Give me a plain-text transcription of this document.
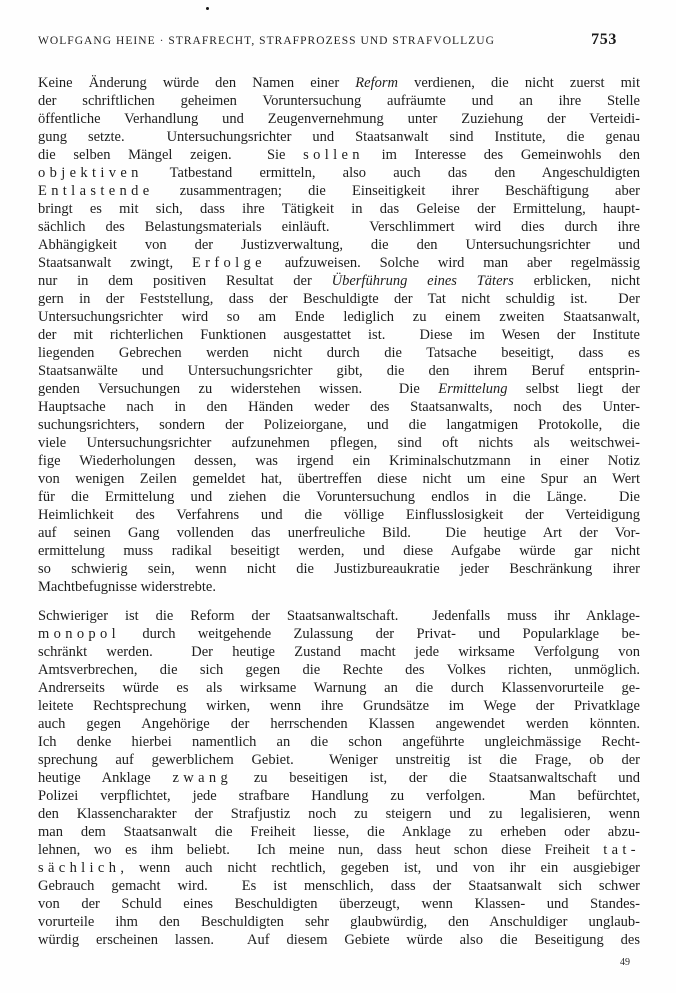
WOLFGANG HEINE · STRAFRECHT, STRAFPROZESS UND STRAFVOLLZUG	753
Keine Änderung würde den Namen einer Reform verdienen, die nicht zuerst mit
der schriftlichen geheimen Voruntersuchung aufräumte und an ihre Stelle
öffentliche Verhandlung und Zeugenvernehmung unter Zuziehung der Verteidi-
gung setzte.  Untersuchungsrichter und Staatsanwalt sind Institute, die genau
die selben Mängel zeigen.  Sie sollen im Interesse des Gemeinwohls den
objektiven Tatbestand ermitteln, also auch das den Angeschuldigten
Entlastende zusammentragen; die Einseitigkeit ihrer Beschäftigung aber
bringt es mit sich, dass ihre Tätigkeit in das Geleise der Ermittelung, haupt-
sächlich des Belastungsmaterials einläuft.  Verschlimmert wird dies durch ihre
Abhängigkeit von der Justizverwaltung, die den Untersuchungsrichter und
Staatsanwalt zwingt, Erfolge aufzuweisen. Solche wird man aber regelmässig
nur in dem positiven Resultat der Überführung eines Täters erblicken, nicht
gern in der Feststellung, dass der Beschuldigte der Tat nicht schuldig ist.  Der
Untersuchungsrichter wird so am Ende lediglich zu einem zweiten Staatsanwalt,
der mit richterlichen Funktionen ausgestattet ist.  Diese im Wesen der Institute
liegenden Gebrechen werden nicht durch die Tatsache beseitigt, dass es
Staatsanwälte und Untersuchungsrichter gibt, die den ihrem Beruf entsprin-
genden Versuchungen zu widerstehen wissen.  Die Ermittelung selbst liegt der
Hauptsache nach in den Händen weder des Staatsanwalts, noch des Unter-
suchungsrichters, sondern der Polizeiorgane, und die langatmigen Protokolle, die
viele Untersuchungsrichter aufzunehmen pflegen, sind oft nichts als weitschwei-
fige Wiederholungen dessen, was irgend ein Kriminalschutzmann in einer Notiz
von wenigen Zeilen gemeldet hat, übertreffen diese nicht um eine Spur an Wert
für die Ermittelung und ziehen die Voruntersuchung endlos in die Länge.  Die
Heimlichkeit des Verfahrens und die völlige Einflusslosigkeit der Verteidigung
auf seinen Gang vollenden das unerfreuliche Bild.  Die heutige Art der Vor-
ermittelung muss radikal beseitigt werden, und diese Aufgabe würde gar nicht
so schwierig sein, wenn nicht die Justizbureaukratie jeder Beschränkung ihrer
Machtbefugnisse widerstrebte.
Schwieriger ist die Reform der Staatsanwaltschaft.  Jedenfalls muss ihr Anklage-
monopol durch weitgehende Zulassung der Privat- und Popularklage be-
schränkt werden.  Der heutige Zustand macht jede wirksame Verfolgung von
Amtsverbrechen, die sich gegen die Rechte des Volkes richten, unmöglich.
Andrerseits würde es als wirksame Warnung an die durch Klassenvorurteile ge-
leitete Rechtsprechung wirken, wenn ihre Grundsätze im Wege der Privatklage
auch gegen Angehörige der herrschenden Klassen angewendet werden könnten.
Ich denke hierbei namentlich an die schon angeführte ungleichmässige Recht-
sprechung auf gewerblichem Gebiet.  Weniger unstreitig ist die Frage, ob der
heutige Anklage zwang zu beseitigen ist, der die Staatsanwaltschaft und
Polizei verpflichtet, jede strafbare Handlung zu verfolgen.  Man befürchtet,
den Klassencharakter der Strafjustiz noch zu steigern und zu legalisieren, wenn
man dem Staatsanwalt die Freiheit liesse, die Anklage zu erheben oder abzu-
lehnen, wo es ihm beliebt.  Ich meine nun, dass heut schon diese Freiheit tat-
sächlich, wenn auch nicht rechtlich, gegeben ist, und von ihr ein ausgiebiger
Gebrauch gemacht wird.  Es ist menschlich, dass der Staatsanwalt sich schwer
von der Schuld eines Beschuldigten überzeugt, wenn Klassen- und Standes-
vorurteile ihm den Beschuldigten sehr glaubwürdig, den Anschuldiger unglaub-
würdig erscheinen lassen.  Auf diesem Gebiete würde also die Beseitigung des
49
